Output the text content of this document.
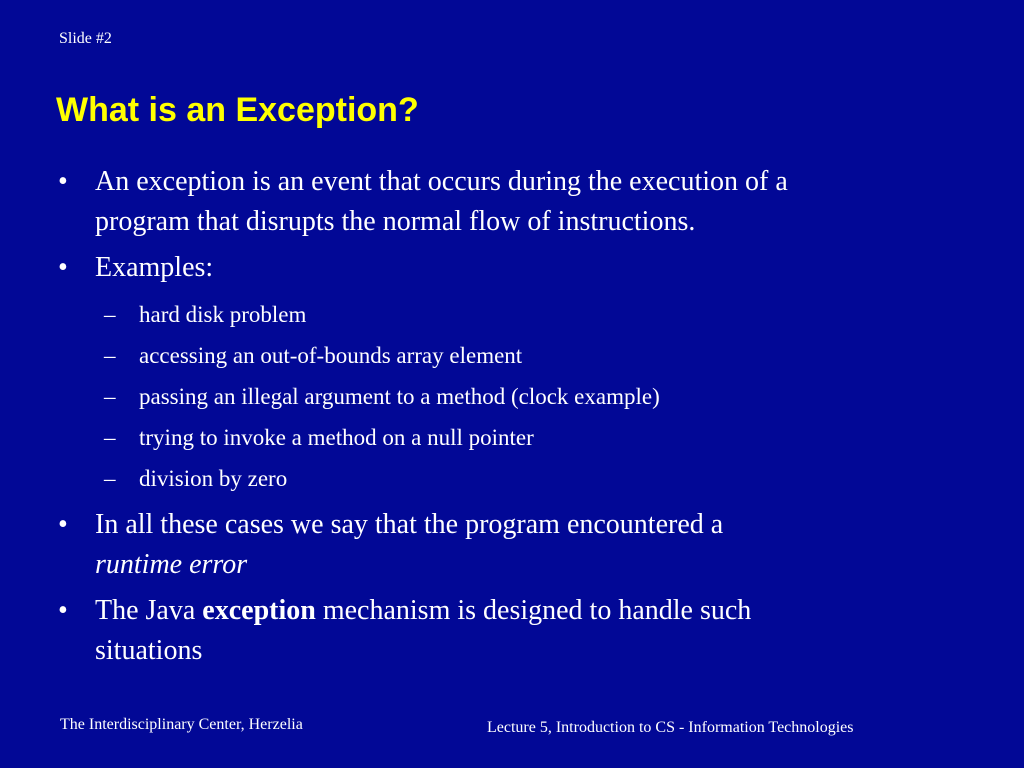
Slide #2
What is an Exception?
• An exception is an event that occurs during the execution of a
program that disrupts the normal flow of instructions.
• Examples:
– hard disk problem
– accessing an out-of-bounds array element
– passing an illegal argument to a method (clock example)
– trying to invoke a method on a null pointer
– division by zero
• In all these cases we say that the program encountered a
runtime error
• The Java exception mechanism is designed to handle such
situations
The Interdisciplinary Center, Herzelia	Lecture 5, Introduction to CS - Information Technologies
